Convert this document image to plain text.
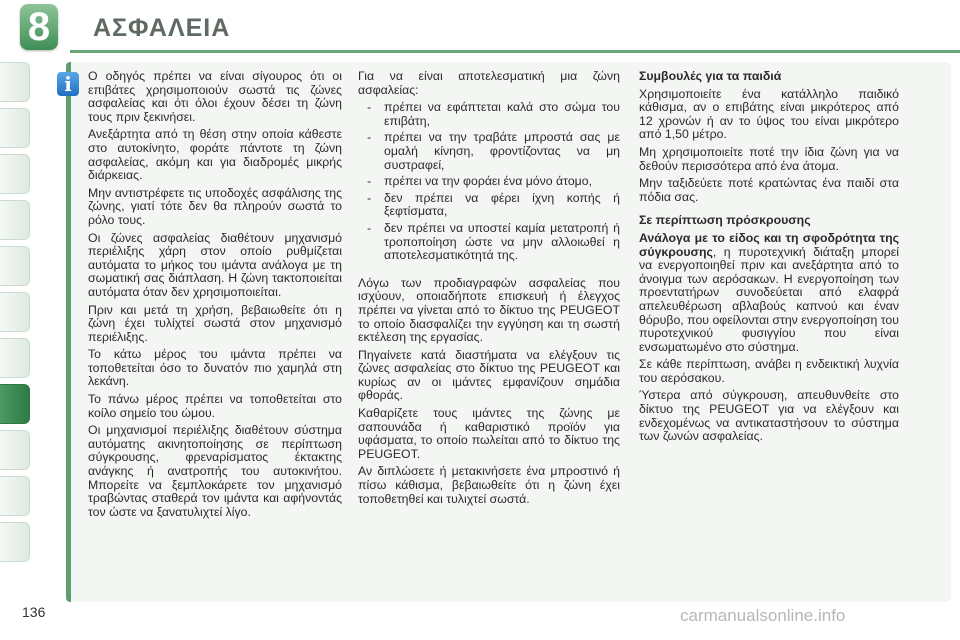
8	ΑΣΦΑΛΕΙΑ
i	Ο οδηγός πρέπει να είναι σίγουρος ότι οι επιβάτες χρησιμοποιούν σωστά τις ζώνες ασφαλείας και ότι όλοι έχουν δέσει τη ζώνη τους πριν ξεκινήσει.

Ανεξάρτητα από τη θέση στην οποία κάθεστε στο αυτοκίνητο, φοράτε πάντοτε τη ζώνη ασφαλείας, ακόμη και για διαδρομές μικρής διάρκειας.

Μην αντιστρέφετε τις υποδοχές ασφάλισης της ζώνης, γιατί τότε δεν θα πληρούν σωστά το ρόλο τους.

Οι ζώνες ασφαλείας διαθέτουν μηχανισμό περιέλιξης χάρη στον οποίο ρυθμίζεται αυτόματα το μήκος του ιμάντα ανάλογα με τη σωματική σας διάπλαση. Η ζώνη τακτοποιείται αυτόματα όταν δεν χρησιμοποιείται.

Πριν και μετά τη χρήση, βεβαιωθείτε ότι η ζώνη έχει τυλίχτεί σωστά στον μηχανισμό περιέλιξης.

Το κάτω μέρος του ιμάντα πρέπει να τοποθετείται όσο το δυνατόν πιο χαμηλά στη λεκάνη.

Το πάνω μέρος πρέπει να τοποθετείται στο κοίλο σημείο του ώμου.

Οι μηχανισμοί περιέλιξης διαθέτουν σύστημα αυτόματης ακινητοποίησης σε περίπτωση σύγκρουσης, φρεναρίσματος έκτακτης ανάγκης ή ανατροπής του αυτοκινήτου. Μπορείτε να ξεμπλοκάρετε τον μηχανισμό τραβώντας σταθερά τον ιμάντα και αφήνοντάς τον ώστε να ξανατυλιχτεί λίγο.

Για να είναι αποτελεσματική μια ζώνη ασφαλείας:

-	πρέπει να εφάπτεται καλά στο σώμα του επιβάτη,
-	πρέπει να την τραβάτε μπροστά σας με ομαλή κίνηση, φροντίζοντας να μη συστραφεί,
-	πρέπει να την φοράει ένα μόνο άτομο,
-	δεν πρέπει να φέρει ίχνη κοπής ή ξεφτίσματα,
-	δεν πρέπει να υποστεί καμία μετατροπή ή τροποποίηση ώστε να μην αλλοιωθεί η αποτελεσματικότητά της.

Λόγω των προδιαγραφών ασφαλείας που ισχύουν, οποιαδήποτε επισκευή ή έλεγχος πρέπει να γίνεται από το δίκτυο της PEUGEOT το οποίο διασφαλίζει την εγγύηση και τη σωστή εκτέλεση της εργασίας.

Πηγαίνετε κατά διαστήματα να ελέγξουν τις ζώνες ασφαλείας στο δίκτυο της PEUGEOT και κυρίως αν οι ιμάντες εμφανίζουν σημάδια φθοράς.

Καθαρίζετε τους ιμάντες της ζώνης με σαπουνάδα ή καθαριστικό προϊόν για υφάσματα, το οποίο πωλείται από το δίκτυο της PEUGEOT.

Αν διπλώσετε ή μετακινήσετε ένα μπροστινό ή πίσω κάθισμα, βεβαιωθείτε ότι η ζώνη έχει τοποθετηθεί και τυλιχτεί σωστά.

Συμβουλές για τα παιδιά

Χρησιμοποιείτε ένα κατάλληλο παιδικό κάθισμα, αν ο επιβάτης είναι μικρότερος από 12 χρονών ή αν το ύψος του είναι μικρότερο από 1,50 μέτρο.

Μη χρησιμοποιείτε ποτέ την ίδια ζώνη για να δεθούν περισσότερα από ένα άτομα.

Μην ταξιδεύετε ποτέ κρατώντας ένα παιδί στα πόδια σας.

Σε περίπτωση πρόσκρουσης

Ανάλογα με το είδος και τη σφοδρότητα της σύγκρουσης, η πυροτεχνική διάταξη μπορεί να ενεργοποιηθεί πριν και ανεξάρτητα από το άνοιγμα των αερόσακων. Η ενεργοποίηση των προεντατήρων συνοδεύεται από ελαφρά απελευθέρωση αβλαβούς καπνού και έναν θόρυβο, που οφείλονται στην ενεργοποίηση του πυροτεχνικού φυσιγγίου που είναι ενσωματωμένο στο σύστημα.

Σε κάθε περίπτωση, ανάβει η ενδεικτική λυχνία του αερόσακου.

Ύστερα από σύγκρουση, απευθυνθείτε στο δίκτυο της PEUGEOT για να ελέγξουν και ενδεχομένως να αντικαταστήσουν το σύστημα των ζωνών ασφαλείας.

136	carmanualsonline.info
